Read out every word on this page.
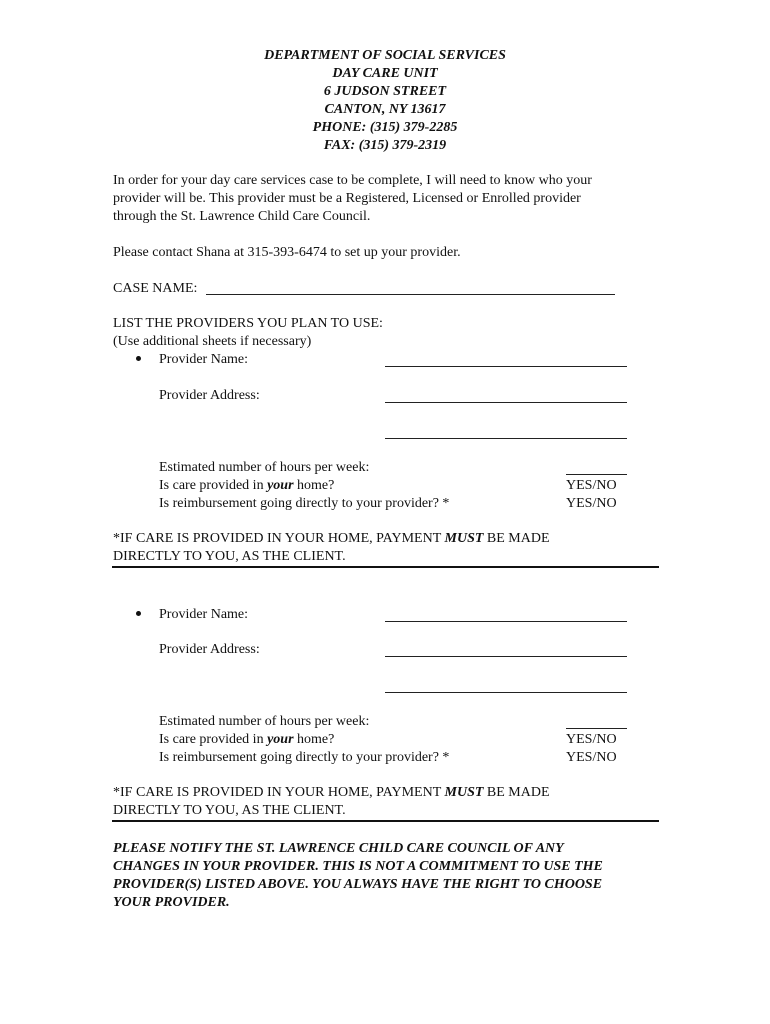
DEPARTMENT OF SOCIAL SERVICES
DAY CARE UNIT
6 JUDSON STREET
CANTON, NY 13617
PHONE: (315) 379-2285
FAX: (315) 379-2319
In order for your day care services case to be complete, I will need to know who your
provider will be. This provider must be a Registered, Licensed or Enrolled provider
through the St. Lawrence Child Care Council.
Please contact Shana at 315-393-6474 to set up your provider.
CASE NAME:
LIST THE PROVIDERS YOU PLAN TO USE:
(Use additional sheets if necessary)
Provider Name:
Provider Address:
Estimated number of hours per week:
Is care provided in your home?	YES/NO
Is reimbursement going directly to your provider? *	YES/NO
*IF CARE IS PROVIDED IN YOUR HOME, PAYMENT MUST BE MADE
DIRECTLY TO YOU, AS THE CLIENT.
Provider Name:
Provider Address:
Estimated number of hours per week:
Is care provided in your home?	YES/NO
Is reimbursement going directly to your provider? *	YES/NO
*IF CARE IS PROVIDED IN YOUR HOME, PAYMENT MUST BE MADE
DIRECTLY TO YOU, AS THE CLIENT.
PLEASE NOTIFY THE ST. LAWRENCE CHILD CARE COUNCIL OF ANY
CHANGES IN YOUR PROVIDER. THIS IS NOT A COMMITMENT TO USE THE
PROVIDER(S) LISTED ABOVE. YOU ALWAYS HAVE THE RIGHT TO CHOOSE
YOUR PROVIDER.
